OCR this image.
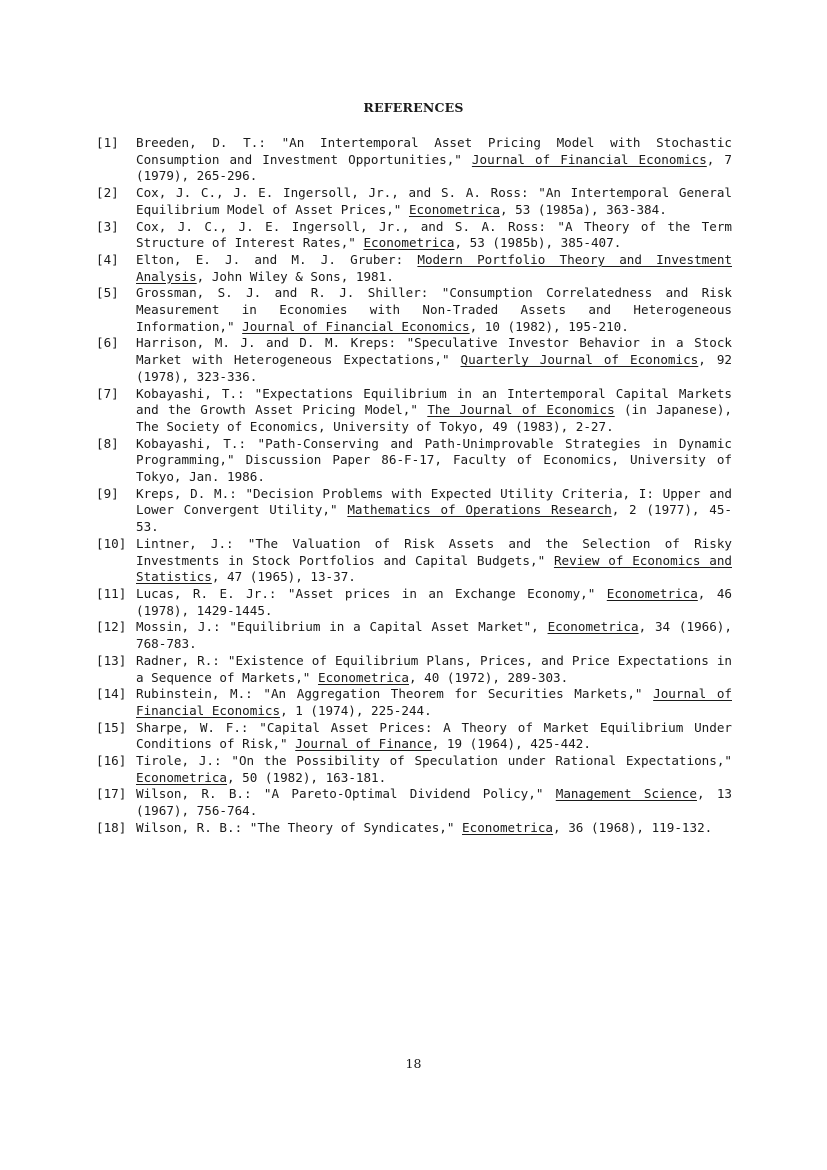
REFERENCES
[1]	Breeden, D. T.: "An Intertemporal Asset Pricing Model with Stochastic Consumption and Investment Opportunities," Journal of Financial Economics, 7 (1979), 265-296.
[2]	Cox, J. C., J. E. Ingersoll, Jr., and S. A. Ross: "An Intertemporal General Equilibrium Model of Asset Prices," Econometrica, 53 (1985a), 363-384.
[3]	Cox, J. C., J. E. Ingersoll, Jr., and S. A. Ross: "A Theory of the Term Structure of Interest Rates," Econometrica, 53 (1985b), 385-407.
[4]	Elton, E. J. and M. J. Gruber: Modern Portfolio Theory and Investment Analysis, John Wiley & Sons, 1981.
[5]	Grossman, S. J. and R. J. Shiller: "Consumption Correlatedness and Risk Measurement in Economies with Non-Traded Assets and Heterogeneous Information," Journal of Financial Economics, 10 (1982), 195-210.
[6]	Harrison, M. J. and D. M. Kreps: "Speculative Investor Behavior in a Stock Market with Heterogeneous Expectations," Quarterly Journal of Economics, 92 (1978), 323-336.
[7]	Kobayashi, T.: "Expectations Equilibrium in an Intertemporal Capital Markets and the Growth Asset Pricing Model," The Journal of Economics (in Japanese), The Society of Economics, University of Tokyo, 49 (1983), 2-27.
[8]	Kobayashi, T.: "Path-Conserving and Path-Unimprovable Strategies in Dynamic Programming," Discussion Paper 86-F-17, Faculty of Economics, University of Tokyo, Jan. 1986.
[9]	Kreps, D. M.: "Decision Problems with Expected Utility Criteria, I: Upper and Lower Convergent Utility," Mathematics of Operations Research, 2 (1977), 45-53.
[10] Lintner, J.: "The Valuation of Risk Assets and the Selection of Risky Investments in Stock Portfolios and Capital Budgets," Review of Economics and Statistics, 47 (1965), 13-37.
[11] Lucas, R. E. Jr.: "Asset prices in an Exchange Economy," Econometrica, 46 (1978), 1429-1445.
[12] Mossin, J.: "Equilibrium in a Capital Asset Market", Econometrica, 34 (1966), 768-783.
[13] Radner, R.: "Existence of Equilibrium Plans, Prices, and Price Expectations in a Sequence of Markets," Econometrica, 40 (1972), 289-303.
[14] Rubinstein, M.: "An Aggregation Theorem for Securities Markets," Journal of Financial Economics, 1 (1974), 225-244.
[15] Sharpe, W. F.: "Capital Asset Prices: A Theory of Market Equilibrium Under Conditions of Risk," Journal of Finance, 19 (1964), 425-442.
[16] Tirole, J.: "On the Possibility of Speculation under Rational Expectations," Econometrica, 50 (1982), 163-181.
[17] Wilson, R. B.: "A Pareto-Optimal Dividend Policy," Management Science, 13 (1967), 756-764.
[18] Wilson, R. B.: "The Theory of Syndicates," Econometrica, 36 (1968), 119-132.
18
